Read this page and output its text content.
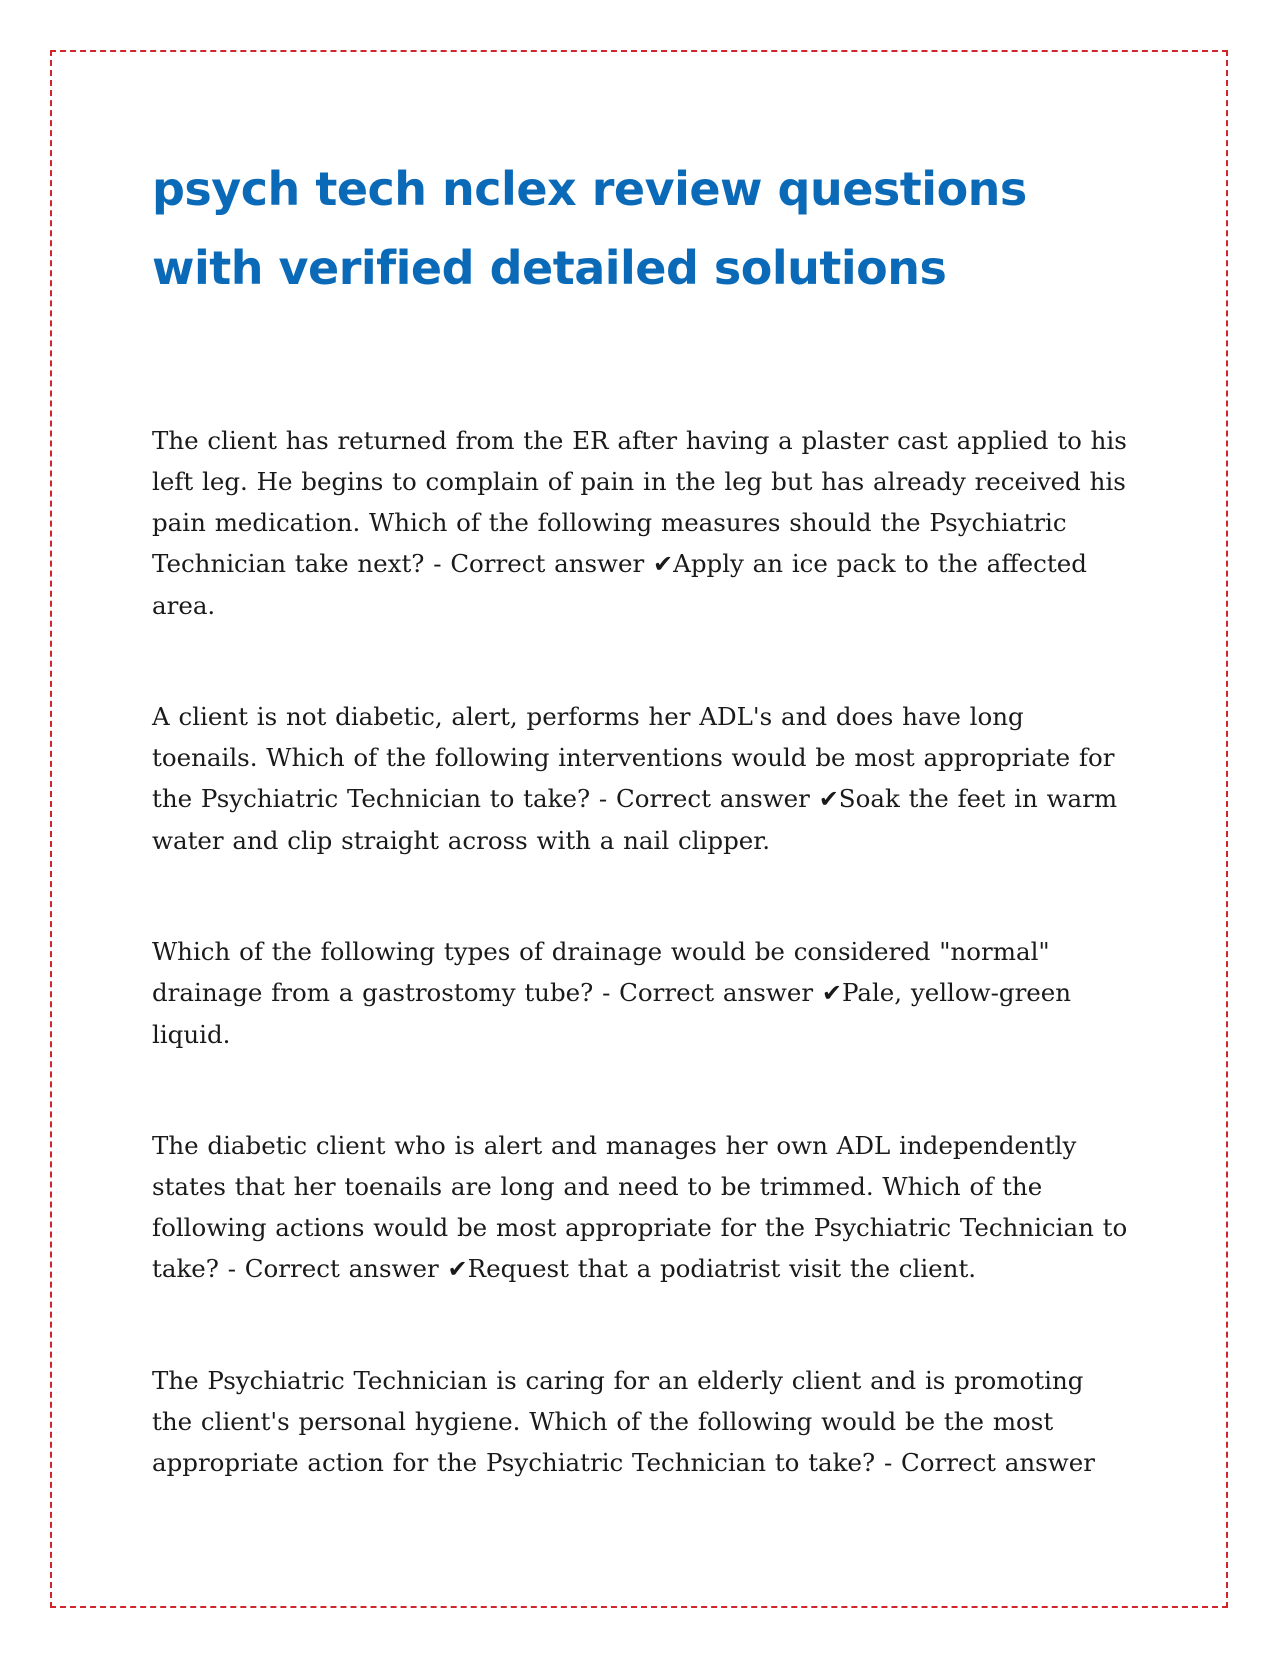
psych tech nclex review questions with verified detailed solutions

The client has returned from the ER after having a plaster cast applied to his left leg. He begins to complain of pain in the leg but has already received his pain medication. Which of the following measures should the Psychiatric Technician take next? - Correct answer ✔Apply an ice pack to the affected area.

A client is not diabetic, alert, performs her ADL's and does have long toenails. Which of the following interventions would be most appropriate for the Psychiatric Technician to take? - Correct answer ✔Soak the feet in warm water and clip straight across with a nail clipper.

Which of the following types of drainage would be considered "normal" drainage from a gastrostomy tube? - Correct answer ✔Pale, yellow-green liquid.

The diabetic client who is alert and manages her own ADL independently states that her toenails are long and need to be trimmed. Which of the following actions would be most appropriate for the Psychiatric Technician to take? - Correct answer ✔Request that a podiatrist visit the client.

The Psychiatric Technician is caring for an elderly client and is promoting the client's personal hygiene. Which of the following would be the most appropriate action for the Psychiatric Technician to take? - Correct answer
